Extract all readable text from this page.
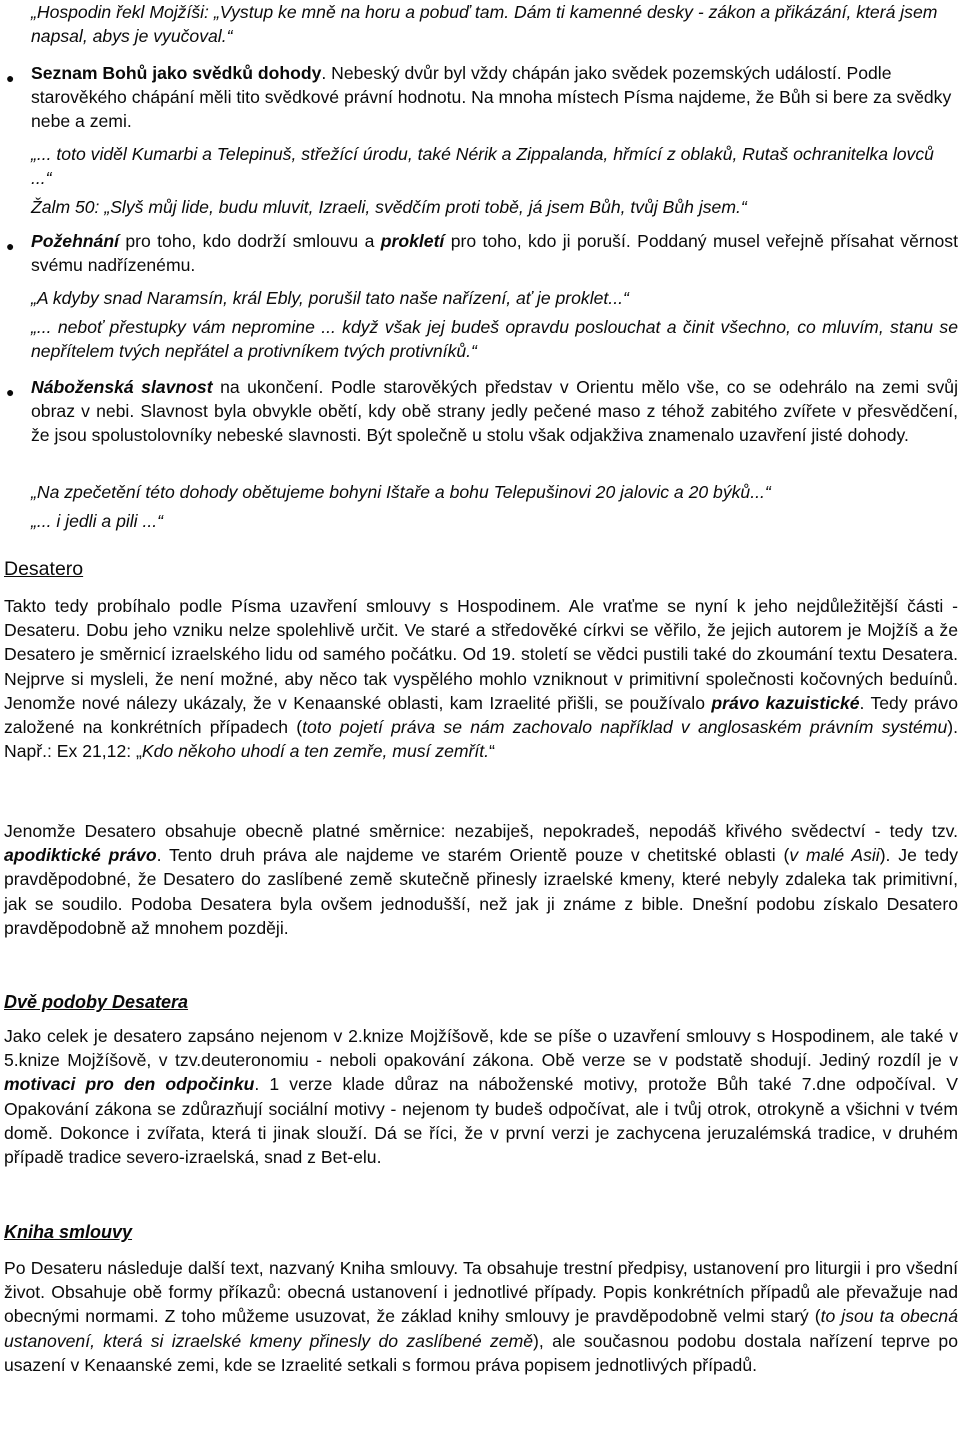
„Hospodin řekl Mojžíši: „Vystup ke mně na horu a pobuď tam. Dám ti kamenné desky - zákon a přikázání, která jsem napsal, abys je vyučoval.“

● Seznam Bohů jako svědků dohody. Nebeský dvůr byl vždy chápán jako svědek pozemských událostí. Podle starověkého chápání měli tito svědkové právní hodnotu. Na mnoha místech Písma najdeme, že Bůh si bere za svědky nebe a zemi.

„... toto viděl Kumarbi a Telepinuš, střežící úrodu, také Nérik a Zippalanda, hřmící z oblaků, Rutaš ochranitelka lovců ...“

Žalm 50: „Slyš můj lide, budu mluvit, Izraeli, svědčím proti tobě, já jsem Bůh, tvůj Bůh jsem.“

● Požehnání pro toho, kdo dodrží smlouvu a prokletí pro toho, kdo ji poruší. Poddaný musel veřejně přísahat věrnost svému nadřízenému.

„A kdyby snad Naramsín, král Ebly, porušil tato naše nařízení, ať je proklet...“

„... neboť přestupky vám nepromine ... když však jej budeš opravdu poslouchat a činit všechno, co mluvím, stanu se nepřítelem tvých nepřátel a protivníkem tvých protivníků.“

● Náboženská slavnost na ukončení. Podle starověkých představ v Orientu mělo vše, co se odehrálo na zemi svůj obraz v nebi. Slavnost byla obvykle obětí, kdy obě strany jedly pečené maso z téhož zabitého zvířete v přesvědčení, že jsou spolustolovníky nebeské slavnosti. Být společně u stolu však odjakživa znamenalo uzavření jisté dohody.

„Na zpečetění této dohody obětujeme bohyni Ištaře a bohu Telepušinovi 20 jalovic a 20 býků...“

„... i jedli a pili ...“

Desatero

Takto tedy probíhalo podle Písma uzavření smlouvy s Hospodinem. Ale vraťme se nyní k jeho nejdůležitější části - Desateru. Dobu jeho vzniku nelze spolehlivě určit. Ve staré a středověké církvi se věřilo, že jejich autorem je Mojžíš a že Desatero je směrnicí izraelského lidu od samého počátku. Od 19. století se vědci pustili také do zkoumání textu Desatera. Nejprve si mysleli, že není možné, aby něco tak vyspělého mohlo vzniknout v primitivní společnosti kočovných beduínů. Jenomže nové nálezy ukázaly, že v Kenaanské oblasti, kam Izraelité přišli, se používalo právo kazuistické. Tedy právo založené na konkrétních případech (toto pojetí práva se nám zachovalo například v anglosaském právním systému). Např.: Ex 21,12: „Kdo někoho uhodí a ten zemře, musí zemřít.“

Jenomže Desatero obsahuje obecně platné směrnice: nezabiješ, nepokradeš, nepodáš křivého svědectví - tedy tzv. apodiktické právo. Tento druh práva ale najdeme ve starém Orientě pouze v chetitské oblasti (v malé Asii). Je tedy pravděpodobné, že Desatero do zaslíbené země skutečně přinesly izraelské kmeny, které nebyly zdaleka tak primitivní, jak se soudilo. Podoba Desatera byla ovšem jednodušší, než jak ji známe z bible. Dnešní podobu získalo Desatero pravděpodobně až mnohem později.

Dvě podoby Desatera

Jako celek je desatero zapsáno nejenom v 2.knize Mojžíšově, kde se píše o uzavření smlouvy s Hospodinem, ale také v 5.knize Mojžíšově, v tzv.deuteronomiu - neboli opakování zákona. Obě verze se v podstatě shodují. Jediný rozdíl je v motivaci pro den odpočinku. 1 verze klade důraz na náboženské motivy, protože Bůh také 7.dne odpočíval. V Opakování zákona se zdůrazňují sociální motivy - nejenom ty budeš odpočívat, ale i tvůj otrok, otrokyně a všichni v tvém domě. Dokonce i zvířata, která ti jinak slouží. Dá se říci, že v první verzi je zachycena jeruzalémská tradice, v druhém případě tradice severo-izraelská, snad z Bet-elu.

Kniha smlouvy

Po Desateru následuje další text, nazvaný Kniha smlouvy. Ta obsahuje trestní předpisy, ustanovení pro liturgii i pro všední život. Obsahuje obě formy příkazů: obecná ustanovení i jednotlivé případy. Popis konkrétních případů ale převažuje nad obecnými normami. Z toho můžeme usuzovat, že základ knihy smlouvy je pravděpodobně velmi starý (to jsou ta obecná ustanovení, která si izraelské kmeny přinesly do zaslíbené země), ale současnou podobu dostala nařízení teprve po usazení v Kenaanské zemi, kde se Izraelité setkali s formou práva popisem jednotlivých případů.
